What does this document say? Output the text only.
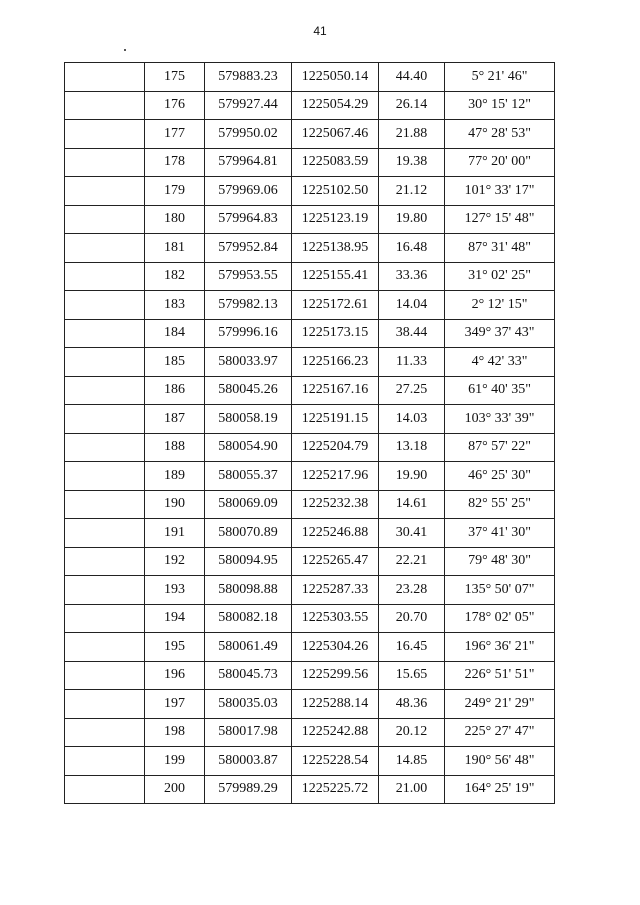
41
	175	579883.23	1225050.14	44.40	5° 21' 46"
	176	579927.44	1225054.29	26.14	30° 15' 12"
	177	579950.02	1225067.46	21.88	47° 28' 53"
	178	579964.81	1225083.59	19.38	77° 20' 00"
	179	579969.06	1225102.50	21.12	101° 33' 17"
	180	579964.83	1225123.19	19.80	127° 15' 48"
	181	579952.84	1225138.95	16.48	87° 31' 48"
	182	579953.55	1225155.41	33.36	31° 02' 25"
	183	579982.13	1225172.61	14.04	2° 12' 15"
	184	579996.16	1225173.15	38.44	349° 37' 43"
	185	580033.97	1225166.23	11.33	4° 42' 33"
	186	580045.26	1225167.16	27.25	61° 40' 35"
	187	580058.19	1225191.15	14.03	103° 33' 39"
	188	580054.90	1225204.79	13.18	87° 57' 22"
	189	580055.37	1225217.96	19.90	46° 25' 30"
	190	580069.09	1225232.38	14.61	82° 55' 25"
	191	580070.89	1225246.88	30.41	37° 41' 30"
	192	580094.95	1225265.47	22.21	79° 48' 30"
	193	580098.88	1225287.33	23.28	135° 50' 07"
	194	580082.18	1225303.55	20.70	178° 02' 05"
	195	580061.49	1225304.26	16.45	196° 36' 21"
	196	580045.73	1225299.56	15.65	226° 51' 51"
	197	580035.03	1225288.14	48.36	249° 21' 29"
	198	580017.98	1225242.88	20.12	225° 27' 47"
	199	580003.87	1225228.54	14.85	190° 56' 48"
	200	579989.29	1225225.72	21.00	164° 25' 19"
